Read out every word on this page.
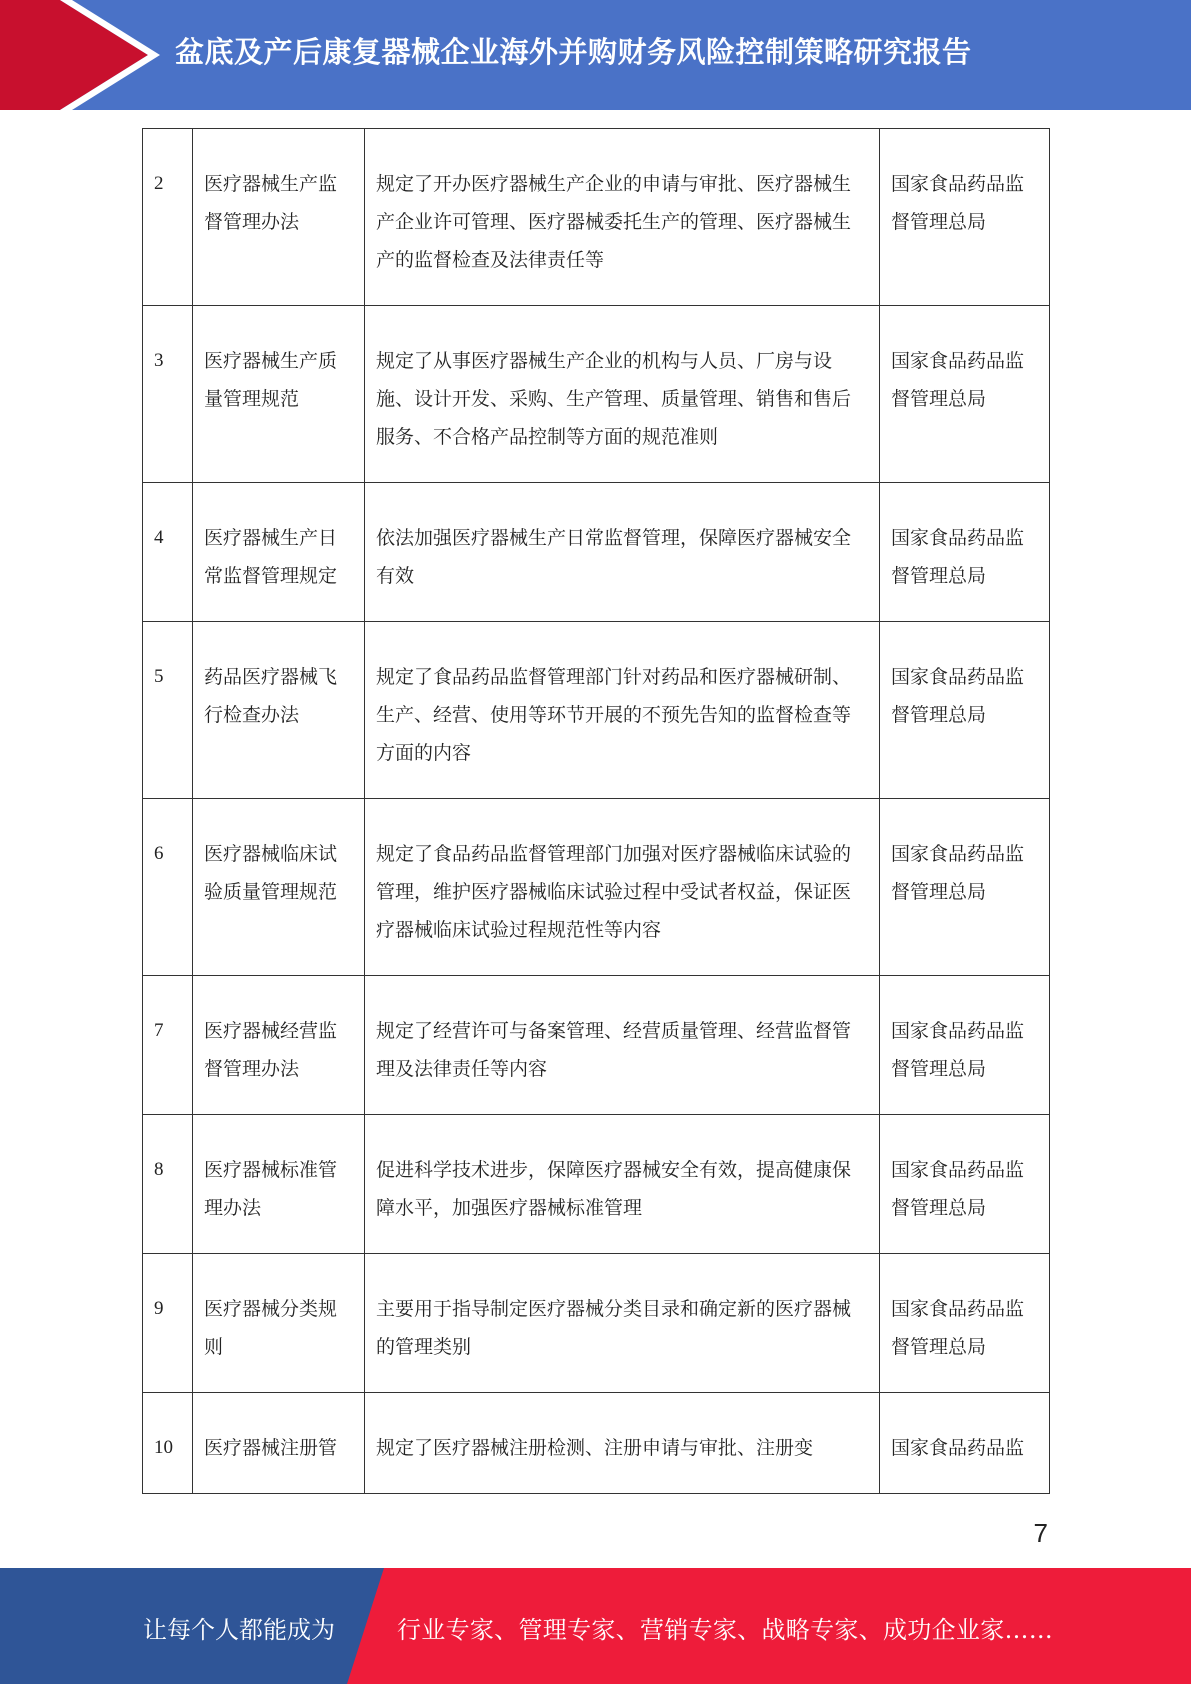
盆底及产后康复器械企业海外并购财务风险控制策略研究报告
2	医疗器械生产监督管理办法	规定了开办医疗器械生产企业的申请与审批、医疗器械生产企业许可管理、医疗器械委托生产的管理、医疗器械生产的监督检查及法律责任等	国家食品药品监督管理总局
3	医疗器械生产质量管理规范	规定了从事医疗器械生产企业的机构与人员、厂房与设施、设计开发、采购、生产管理、质量管理、销售和售后服务、不合格产品控制等方面的规范准则	国家食品药品监督管理总局
4	医疗器械生产日常监督管理规定	依法加强医疗器械生产日常监督管理，保障医疗器械安全有效	国家食品药品监督管理总局
5	药品医疗器械飞行检查办法	规定了食品药品监督管理部门针对药品和医疗器械研制、生产、经营、使用等环节开展的不预先告知的监督检查等方面的内容	国家食品药品监督管理总局
6	医疗器械临床试验质量管理规范	规定了食品药品监督管理部门加强对医疗器械临床试验的管理，维护医疗器械临床试验过程中受试者权益，保证医疗器械临床试验过程规范性等内容	国家食品药品监督管理总局
7	医疗器械经营监督管理办法	规定了经营许可与备案管理、经营质量管理、经营监督管理及法律责任等内容	国家食品药品监督管理总局
8	医疗器械标准管理办法	促进科学技术进步，保障医疗器械安全有效，提高健康保障水平，加强医疗器械标准管理	国家食品药品监督管理总局
9	医疗器械分类规则	主要用于指导制定医疗器械分类目录和确定新的医疗器械的管理类别	国家食品药品监督管理总局
10	医疗器械注册管	规定了医疗器械注册检测、注册申请与审批、注册变	国家食品药品监
7
让每个人都能成为	行业专家、管理专家、营销专家、战略专家、成功企业家……
